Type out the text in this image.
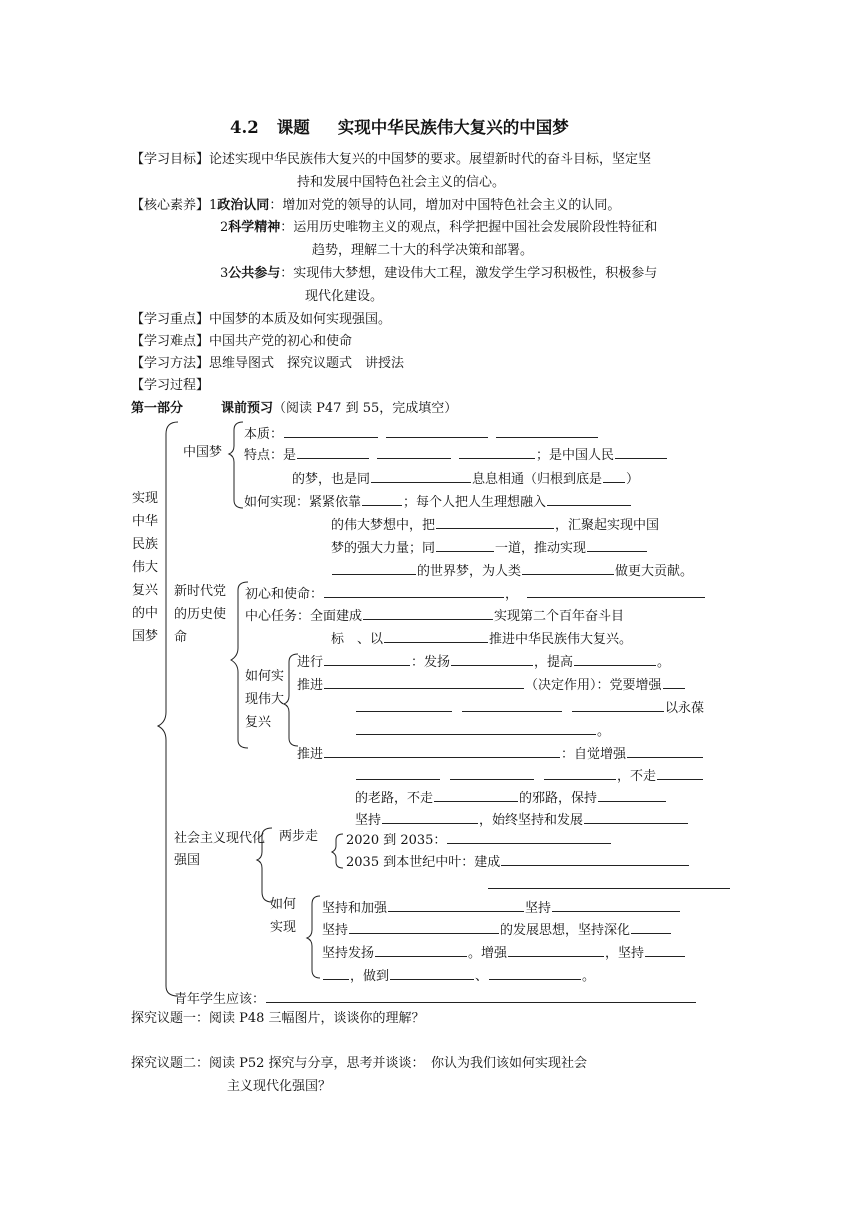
4.2 课题 实现中华民族伟大复兴的中国梦
【学习目标】论述实现中华民族伟大复兴的中国梦的要求。展望新时代的奋斗目标，坚定坚
持和发展中国特色社会主义的信心。
【核心素养】1政治认同：增加对党的领导的认同，增加对中国特色社会主义的认同。
2科学精神：运用历史唯物主义的观点，科学把握中国社会发展阶段性特征和
趋势，理解二十大的科学决策和部署。
3公共参与：实现伟大梦想，建设伟大工程，激发学生学习积极性，积极参与
现代化建设。
【学习重点】中国梦的本质及如何实现强国。
【学习难点】中国共产党的初心和使命
【学习方法】思维导图式　探究议题式　讲授法
【学习过程】
第一部分	课前预习（阅读 P47 到 55，完成填空）
实现中华民族伟大复兴的中国梦
中国梦
本质：
特点：是	；是中国人民
的梦，也是同	息息相通（归根到底是 ）
如何实现：紧紧依靠	；每个人把人生理想融入
的伟大梦想中，把	，汇聚起实现中国
梦的强大力量；同	一道，推动实现
的世界梦，为人类	做更大贡献。
新时代党的历史使命
初心和使命：	，
中心任务：全面建成	实现第二个百年奋斗目
标　、以	推进中华民族伟大复兴。
如何实现伟大复兴
进行	：发扬	，提高	。
推进	（决定作用）：党要增强
以永葆
。
推进	：自觉增强
，不走
的老路，不走	的邪路，保持
坚持	，始终坚持和发展
社会主义现代化强国
两步走 2020 到 2035：
2035 到本世纪中叶：建成
如何实现
坚持和加强	坚持
坚持	的发展思想，坚持深化
坚持发扬	。增强	，坚持
，做到	、	。
青年学生应该：
探究议题一：阅读 P48 三幅图片，谈谈你的理解？
探究议题二：阅读 P52 探究与分享，思考并谈谈：　你认为我们该如何实现社会
主义现代化强国？
